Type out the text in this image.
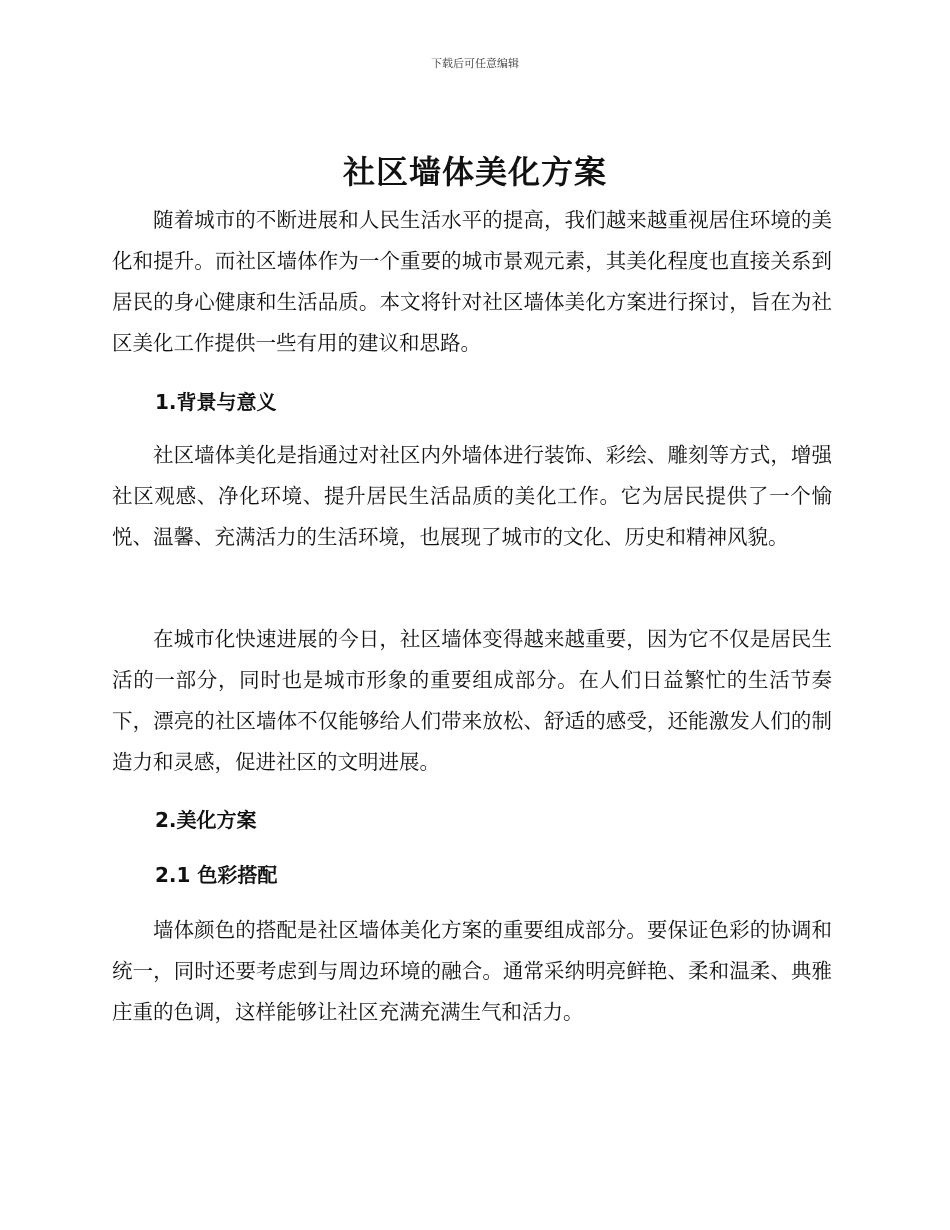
下载后可任意编辑
社区墙体美化方案

随着城市的不断进展和人民生活水平的提高，我们越来越重视居住环境的美化和提升。而社区墙体作为一个重要的城市景观元素，其美化程度也直接关系到居民的身心健康和生活品质。本文将针对社区墙体美化方案进行探讨，旨在为社区美化工作提供一些有用的建议和思路。

1.背景与意义

社区墙体美化是指通过对社区内外墙体进行装饰、彩绘、雕刻等方式，增强社区观感、净化环境、提升居民生活品质的美化工作。它为居民提供了一个愉悦、温馨、充满活力的生活环境，也展现了城市的文化、历史和精神风貌。

在城市化快速进展的今日，社区墙体变得越来越重要，因为它不仅是居民生活的一部分，同时也是城市形象的重要组成部分。在人们日益繁忙的生活节奏下，漂亮的社区墙体不仅能够给人们带来放松、舒适的感受，还能激发人们的制造力和灵感，促进社区的文明进展。

2.美化方案
2.1 色彩搭配

墙体颜色的搭配是社区墙体美化方案的重要组成部分。要保证色彩的协调和统一，同时还要考虑到与周边环境的融合。通常采纳明亮鲜艳、柔和温柔、典雅庄重的色调，这样能够让社区充满充满生气和活力。
